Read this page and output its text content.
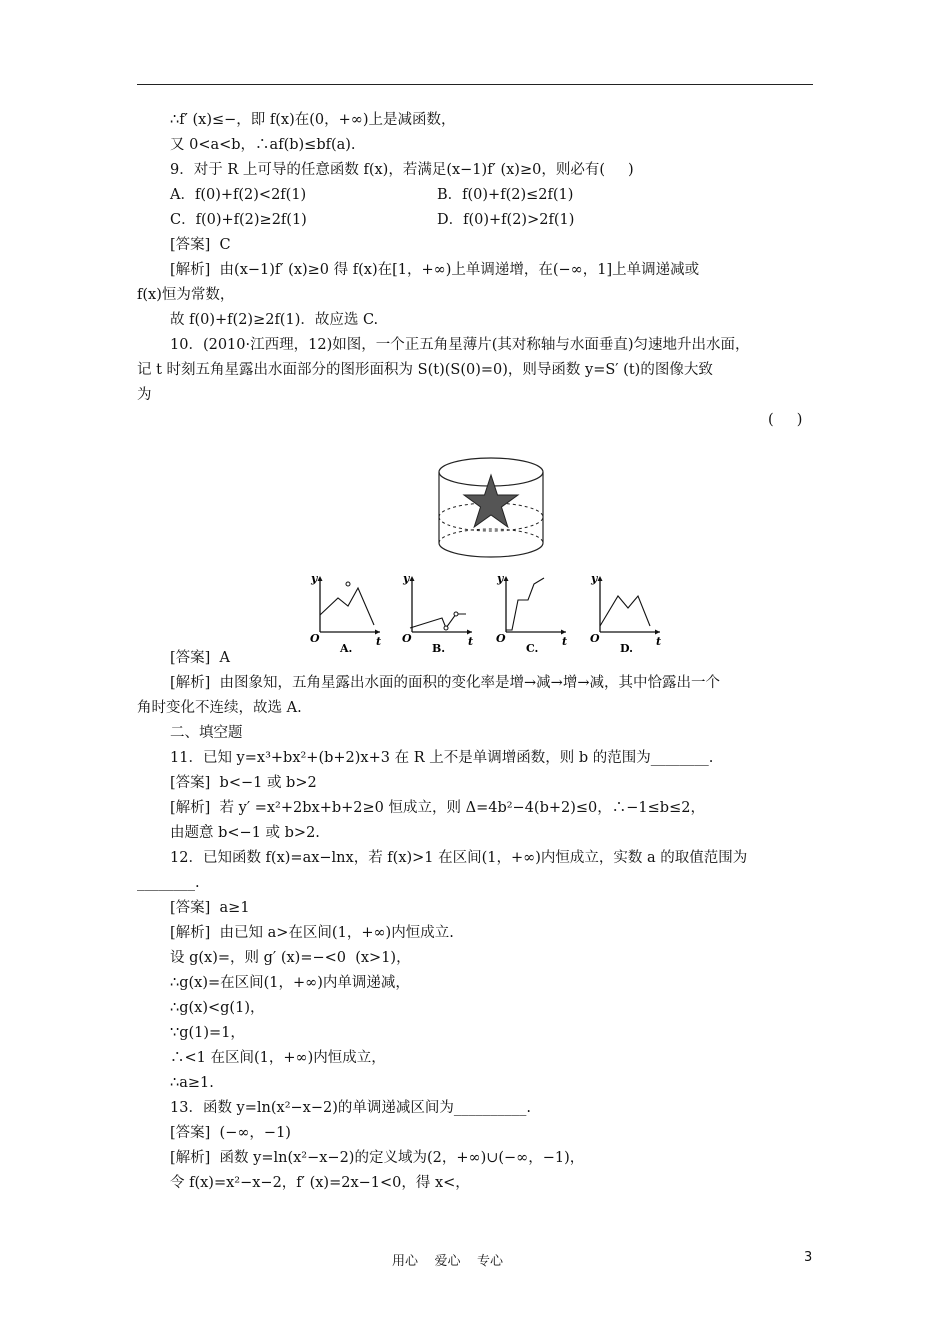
∴f′ (x)≤−，即 f(x)在(0，+∞)上是减函数，
又 0<a<b，∴af(b)≤bf(a).
9．对于 R 上可导的任意函数 f(x)，若满足(x−1)f′ (x)≥0，则必有(     )
A．f(0)+f(2)<2f(1)	B．f(0)+f(2)≤2f(1)
C．f(0)+f(2)≥2f(1)	D．f(0)+f(2)>2f(1)
[答案]  C
[解析]  由(x−1)f′ (x)≥0 得 f(x)在[1，+∞)上单调递增，在(−∞，1]上单调递减或
f(x)恒为常数，
故 f(0)+f(2)≥2f(1)．故应选 C.
10．(2010·江西理，12)如图，一个正五角星薄片(其对称轴与水面垂直)匀速地升出水面，
记 t 时刻五角星露出水面部分的图形面积为 S(t)(S(0)=0)，则导函数 y=S′ (t)的图像大致
为
(     )
[答案]  A
[解析]  由图象知，五角星露出水面的面积的变化率是增→减→增→减，其中恰露出一个
角时变化不连续，故选 A.
二、填空题
11．已知 y=x³+bx²+(b+2)x+3 在 R 上不是单调增函数，则 b 的范围为________.
[答案]  b<−1 或 b>2
[解析]  若 y′ =x²+2bx+b+2≥0 恒成立，则 Δ=4b²−4(b+2)≤0，∴−1≤b≤2，
由题意 b<−1 或 b>2.
12．已知函数 f(x)=ax−lnx，若 f(x)>1 在区间(1，+∞)内恒成立，实数 a 的取值范围为
________.
[答案]  a≥1
[解析]  由已知 a>在区间(1，+∞)内恒成立.
设 g(x)=，则 g′ (x)=−<0  (x>1)，
∴g(x)=在区间(1，+∞)内单调递减，
∴g(x)<g(1)，
∵g(1)=1，
∴<1 在区间(1，+∞)内恒成立，
∴a≥1.
13．函数 y=ln(x²−x−2)的单调递减区间为__________.
[答案]  (−∞，−1)
[解析]  函数 y=ln(x²−x−2)的定义域为(2，+∞)∪(−∞，−1)，
令 f(x)=x²−x−2，f′ (x)=2x−1<0，得 x<，
y
t
O
A.
y
t
O
B.
y
t
O
C.
y
t
O
D.
用心    爱心    专心	3
